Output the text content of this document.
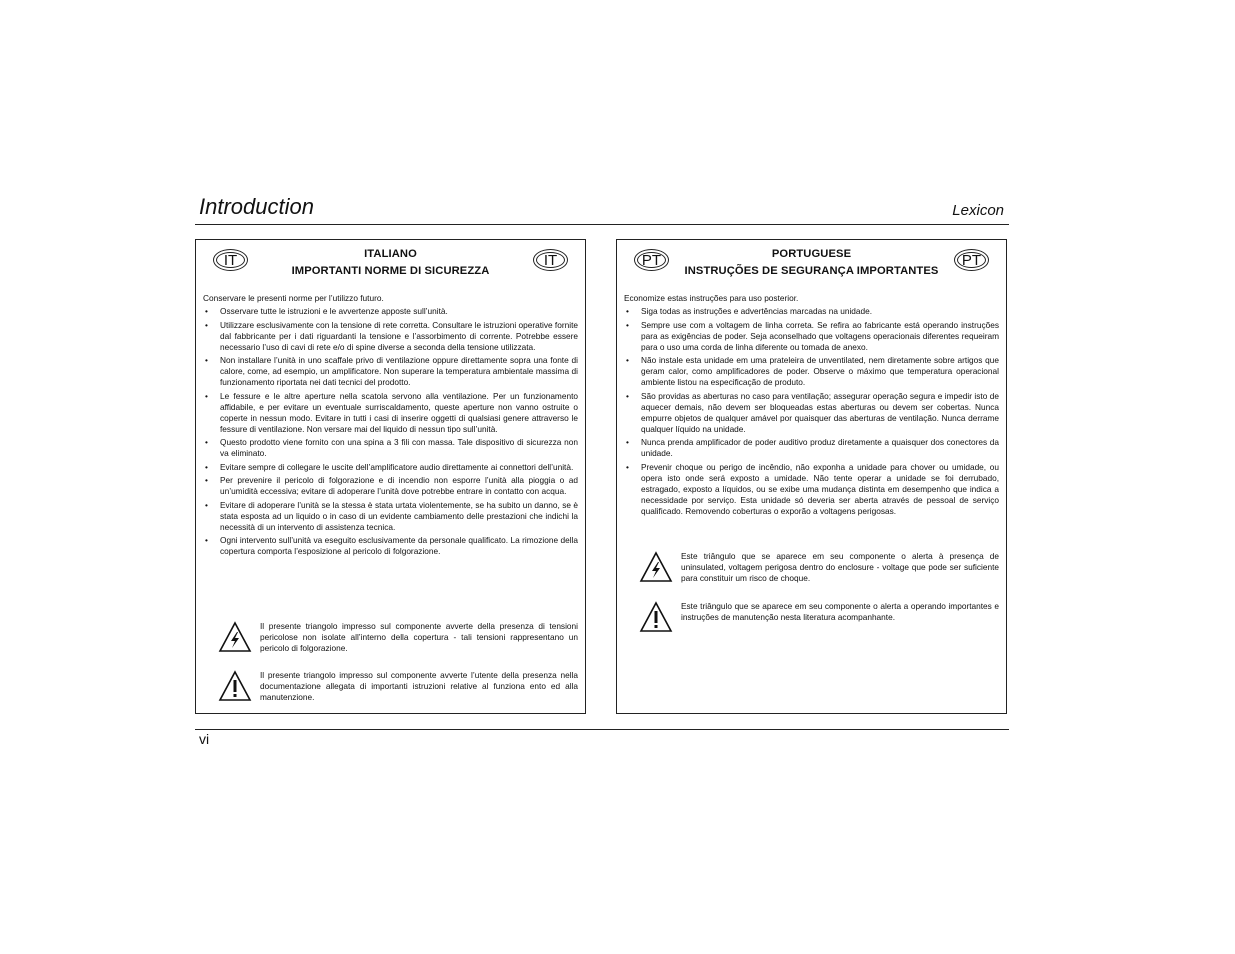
Introduction	Lexicon
IT	IT
ITALIANO
IMPORTANTI NORME DI SICUREZZA

Conservare le presenti norme per l’utilizzo futuro.

• Osservare tutte le istruzioni e le avvertenze apposte sull’unità.
• Utilizzare esclusivamente con la tensione di rete corretta. Consultare le istruzioni operative fornite dal fabbricante per i dati riguardanti la tensione e l’assorbimento di corrente. Potrebbe essere necessario l’uso di cavi di rete e/o di spine diverse a seconda della tensione utilizzata.
• Non installare l’unità in uno scaffale privo di ventilazione oppure direttamente sopra una fonte di calore, come, ad esempio, un amplificatore. Non superare la temperatura ambientale massima di funzionamento riportata nei dati tecnici del prodotto.
• Le fessure e le altre aperture nella scatola servono alla ventilazione. Per un funzionamento affidabile, e per evitare un eventuale surriscaldamento, queste aperture non vanno ostruite o coperte in nessun modo. Evitare in tutti i casi di inserire oggetti di qualsiasi genere attraverso le fessure di ventilazione. Non versare mai del liquido di nessun tipo sull’unità.
• Questo prodotto viene fornito con una spina a 3 fili con massa. Tale dispositivo di sicurezza non va eliminato.
• Evitare sempre di collegare le uscite dell’amplificatore audio direttamente ai connettori dell’unità.
• Per prevenire il pericolo di folgorazione e di incendio non esporre l’unità alla pioggia o ad un’umidità eccessiva; evitare di adoperare l’unità dove potrebbe entrare in contatto con acqua.
• Evitare di adoperare l’unità se la stessa è stata urtata violentemente, se ha subito un danno, se è stata esposta ad un liquido o in caso di un evidente cambiamento delle prestazioni che indichi la necessità di un intervento di assistenza tecnica.
• Ogni intervento sull’unità va eseguito esclusivamente da personale qualificato. La rimozione della copertura comporta l’esposizione al pericolo di folgorazione.
Il presente triangolo impresso sul componente avverte della presenza di tensioni pericolose non isolate all’interno della copertura - tali tensioni rappresentano un pericolo di folgorazione.
Il presente triangolo impresso sul componente avverte l’utente della presenza nella documentazione allegata di importanti istruzioni relative al funziona ento ed alla manutenzione.
PT	PT
PORTUGUESE
INSTRUÇÕES DE SEGURANÇA IMPORTANTES

Economize estas instruções para uso posterior.

• Siga todas as instruções e advertências marcadas na unidade.
• Sempre use com a voltagem de linha correta. Se refira ao fabricante está operando instruções para as exigências de poder. Seja aconselhado que voltagens operacionais diferentes requeiram para o uso uma corda de linha diferente ou tomada de anexo.
• Não instale esta unidade em uma prateleira de unventilated, nem diretamente sobre artigos que geram calor, como amplificadores de poder. Observe o máximo que temperatura operacional ambiente listou na especificação de produto.
• São providas as aberturas no caso para ventilação; assegurar operação segura e impedir isto de aquecer demais, não devem ser bloqueadas estas aberturas ou devem ser cobertas. Nunca empurre objetos de qualquer amável por quaisquer das aberturas de ventilação. Nunca derrame qualquer líquido na unidade.
• Nunca prenda amplificador de poder auditivo produz diretamente a quaisquer dos conectores da unidade.
• Prevenir choque ou perigo de incêndio, não exponha a unidade para chover ou umidade, ou opera isto onde será exposto a umidade. Não tente operar a unidade se foi derrubado, estragado, exposto a líquidos, ou se exibe uma mudança distinta em desempenho que indica a necessidade por serviço. Esta unidade só deveria ser aberta através de pessoal de serviço qualificado. Removendo coberturas o exporão a voltagens perigosas.
Este triângulo que se aparece em seu componente o alerta à presença de uninsulated, voltagem perigosa dentro do enclosure - voltage que pode ser suficiente para constituir um risco de choque.
Este triângulo que se aparece em seu componente o alerta a operando importantes e instruções de manutenção nesta literatura acompanhante.
vi
